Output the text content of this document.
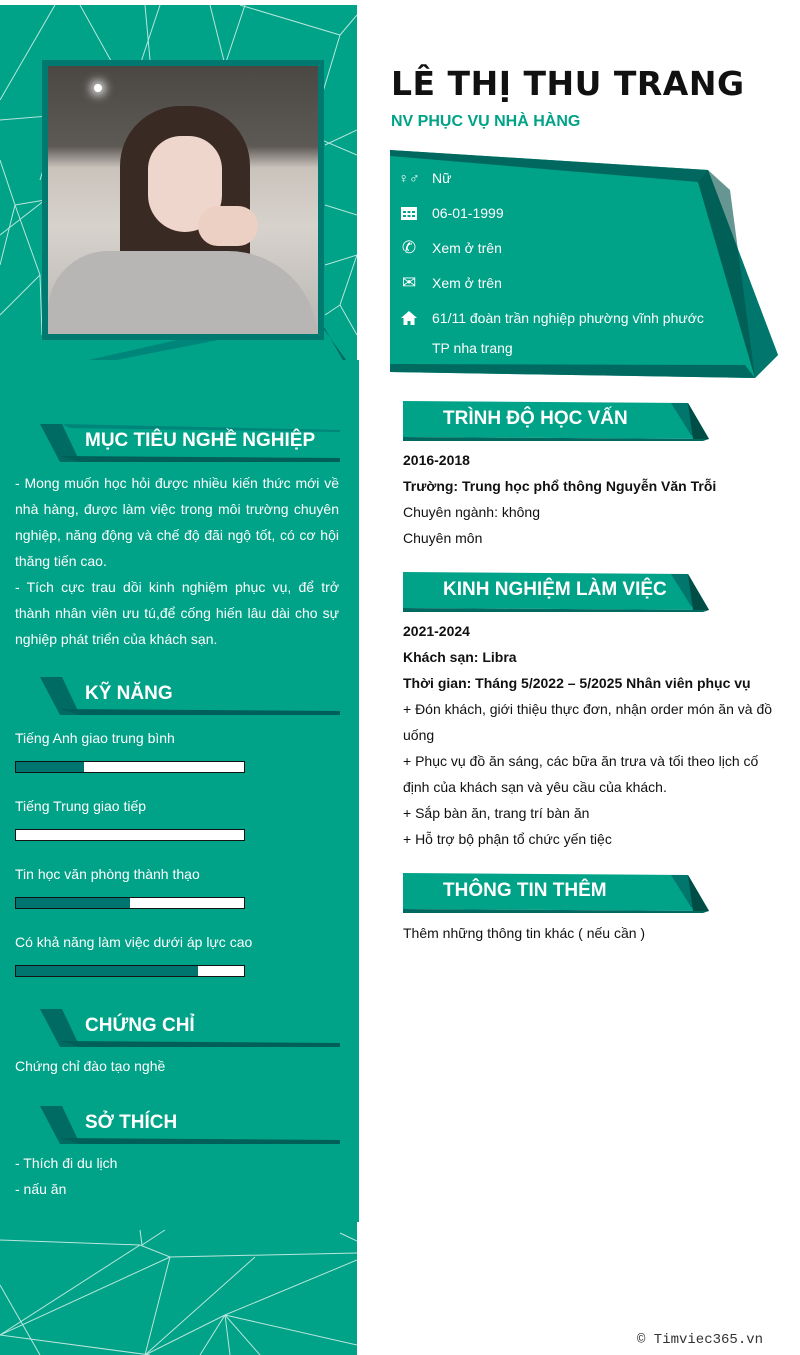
MỤC TIÊU NGHỀ NGHIỆP
- Mong muốn học hỏi được nhiều kiến thức mới về nhà hàng, được làm việc trong môi trường chuyên nghiệp, năng động và chế độ đãi ngộ tốt, có cơ hội thăng tiến cao.
- Tích cực trau dồi kinh nghiệm phục vụ, để trở thành nhân viên ưu tú,để cống hiến lâu dài cho sự nghiệp phát triển của khách sạn.
KỸ NĂNG
Tiếng Anh giao trung bình
Tiếng Trung giao tiếp
Tin học văn phòng thành thạo
Có khả năng làm việc dưới áp lực cao
CHỨNG CHỈ
Chứng chỉ đào tạo nghề
SỞ THÍCH
- Thích đi du lịch
- nấu ăn
LÊ THỊ THU TRANG
NV PHỤC VỤ NHÀ HÀNG
♀♂ Nữ
06-01-1999
✆ Xem ở trên
✉ Xem ở trên
61/11 đoàn trần nghiệp phường vĩnh phước
TP nha trang
TRÌNH ĐỘ HỌC VẤN
2016-2018
Trường: Trung học phổ thông Nguyễn Văn Trỗi
Chuyên ngành: không
Chuyên môn
KINH NGHIỆM LÀM VIỆC
2021-2024
Khách sạn: Libra
Thời gian: Tháng 5/2022 – 5/2025 Nhân viên phục vụ
+ Đón khách, giới thiệu thực đơn, nhận order món ăn và đồ uống
+ Phục vụ đồ ăn sáng, các bữa ăn trưa và tối theo lịch cố định của khách sạn và yêu cầu của khách.
+ Sắp bàn ăn, trang trí bàn ăn
+ Hỗ trợ bộ phận tổ chức yến tiệc
THÔNG TIN THÊM
Thêm những thông tin khác ( nếu cần )
© Timviec365.vn
